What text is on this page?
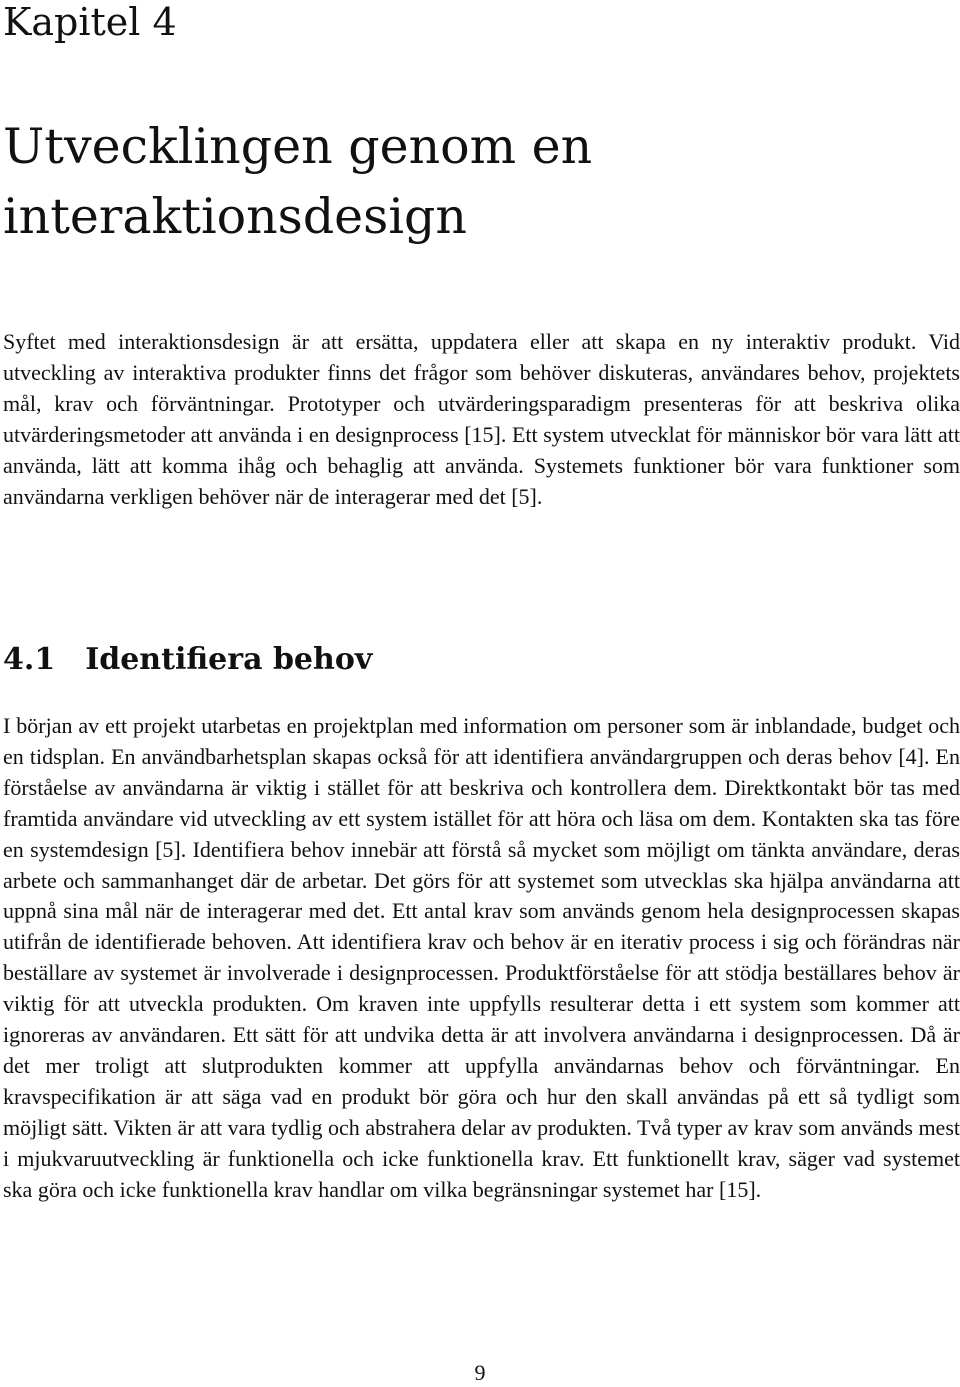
Kapitel 4
Utvecklingen genom en interaktionsdesign

Syftet med interaktionsdesign är att ersätta, uppdatera eller att skapa en ny interaktiv produkt. Vid utveckling av interaktiva produkter finns det frågor som behöver diskuteras, användares behov, projektets mål, krav och förväntningar. Prototyper och utvärderingsparadigm presenteras för att beskriva olika utvärderingsmetoder att använda i en designprocess [15]. Ett system utvecklat för människor bör vara lätt att använda, lätt att komma ihåg och behaglig att använda. Systemets funktioner bör vara funktioner som användarna verkligen behöver när de interagerar med det [5].

4.1 Identifiera behov

I början av ett projekt utarbetas en projektplan med information om personer som är inblandade, budget och en tidsplan. En användbarhetsplan skapas också för att identifiera användargruppen och deras behov [4]. En förståelse av användarna är viktig i stället för att beskriva och kontrollera dem. Direktkontakt bör tas med framtida användare vid utveckling av ett system istället för att höra och läsa om dem. Kontakten ska tas före en systemdesign [5]. Identifiera behov innebär att förstå så mycket som möjligt om tänkta användare, deras arbete och sammanhanget där de arbetar. Det görs för att systemet som utvecklas ska hjälpa användarna att uppnå sina mål när de interagerar med det. Ett antal krav som används genom hela designprocessen skapas utifrån de identifierade behoven. Att identifiera krav och behov är en iterativ process i sig och förändras när beställare av systemet är involverade i designprocessen. Produktförståelse för att stödja beställares behov är viktig för att utveckla produkten. Om kraven inte uppfylls resulterar detta i ett system som kommer att ignoreras av användaren. Ett sätt för att undvika detta är att involvera användarna i designprocessen. Då är det mer troligt att slutprodukten kommer att uppfylla användarnas behov och förväntningar. En kravspecifikation är att säga vad en produkt bör göra och hur den skall användas på ett så tydligt som möjligt sätt. Vikten är att vara tydlig och abstrahera delar av produkten. Två typer av krav som används mest i mjukvaruutveckling är funktionella och icke funktionella krav. Ett funktionellt krav, säger vad systemet ska göra och icke funktionella krav handlar om vilka begränsningar systemet har [15].

9
